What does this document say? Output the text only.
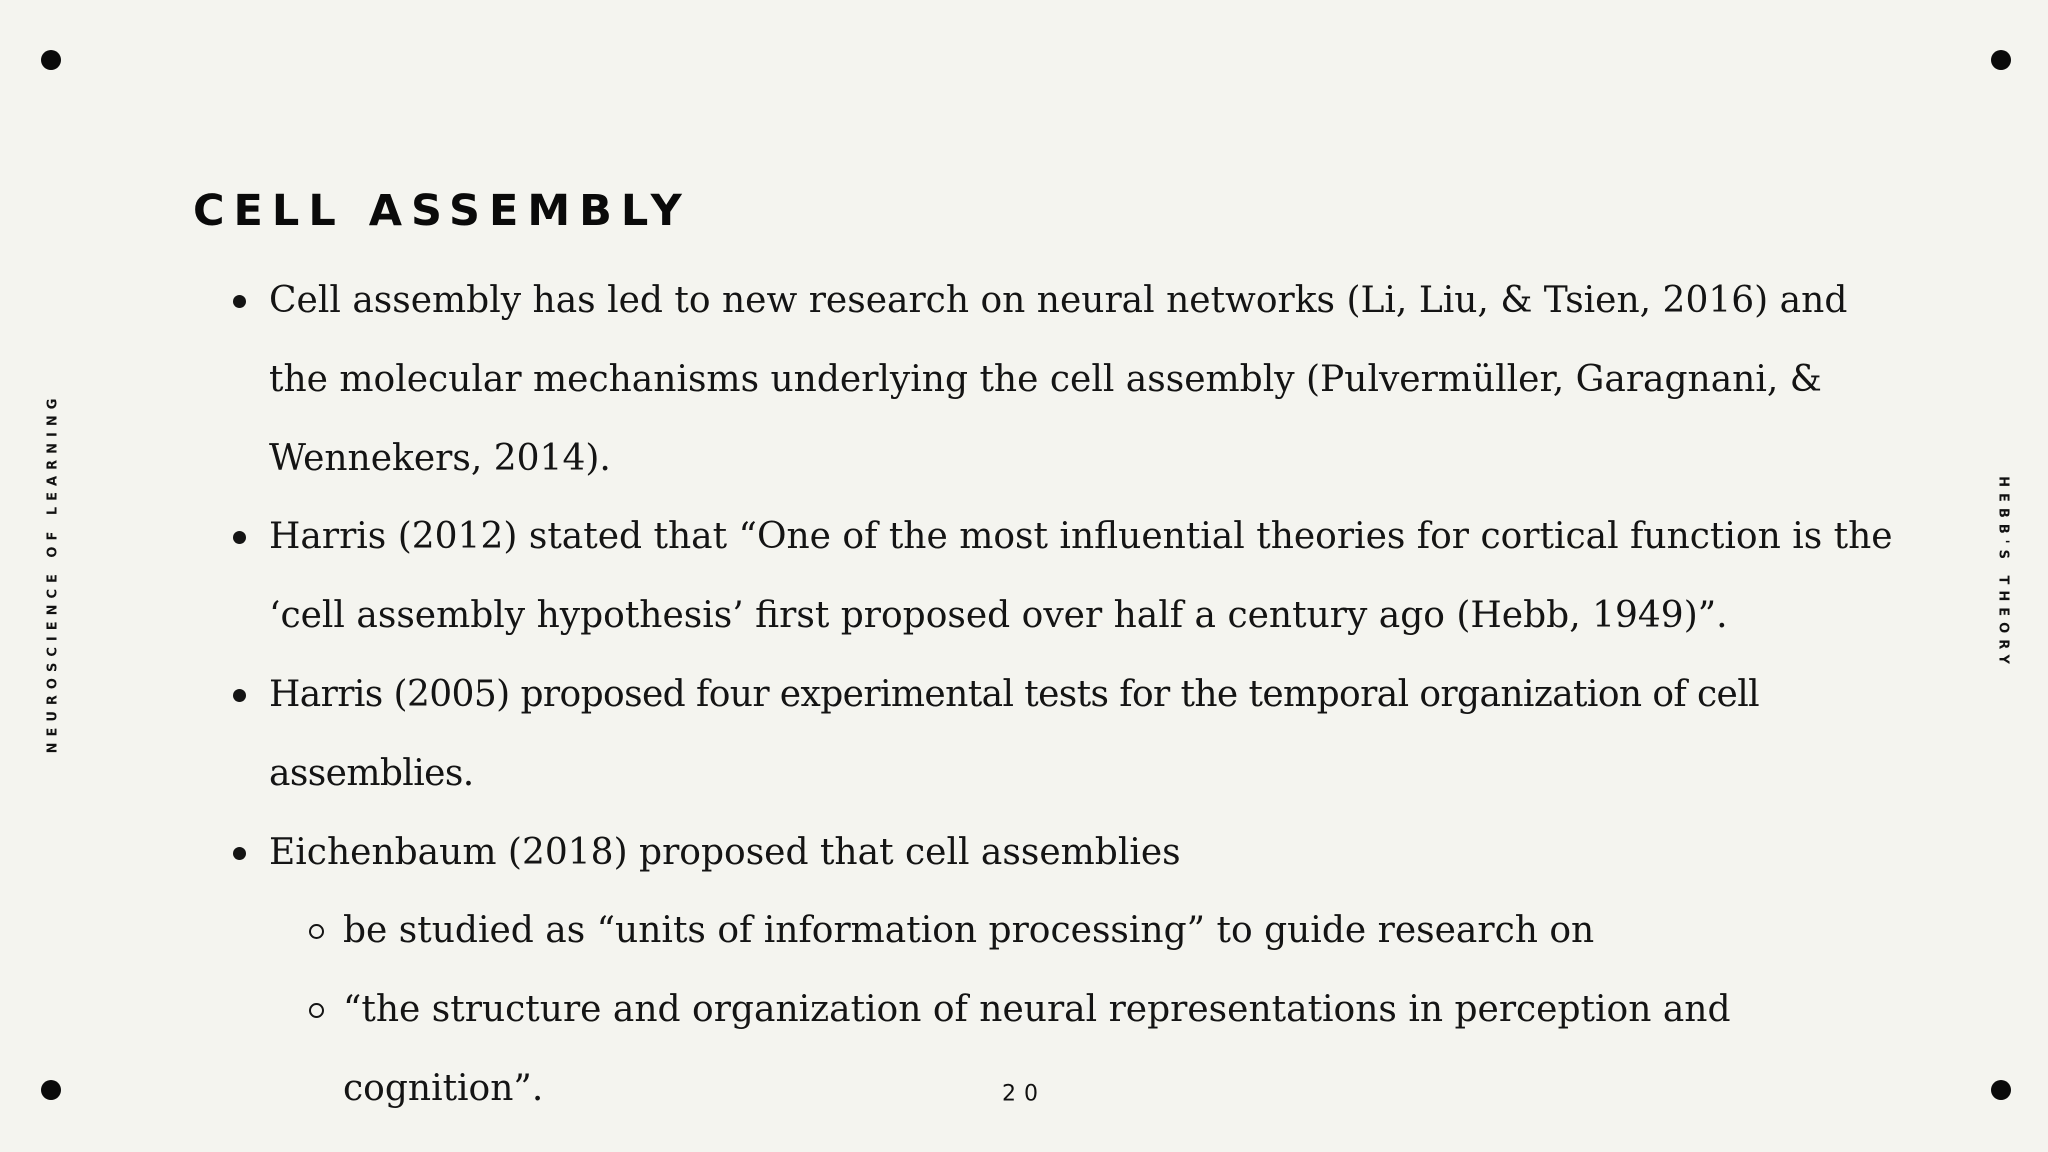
NEUROSCIENCE OF LEARNING	HEBB'S THEORY
CELL ASSEMBLY
Cell assembly has led to new research on neural networks (Li, Liu, & Tsien, 2016) and the molecular mechanisms underlying the cell assembly (Pulvermüller, Garagnani, & Wennekers, 2014).
Harris (2012) stated that “One of the most influential theories for cortical function is the ‘cell assembly hypothesis’ first proposed over half a century ago (Hebb, 1949)”.
Harris (2005) proposed four experimental tests for the temporal organization of cell assemblies.
Eichenbaum (2018) proposed that cell assemblies
be studied as “units of information processing” to guide research on
“the structure and organization of neural representations in perception and cognition”.	20
